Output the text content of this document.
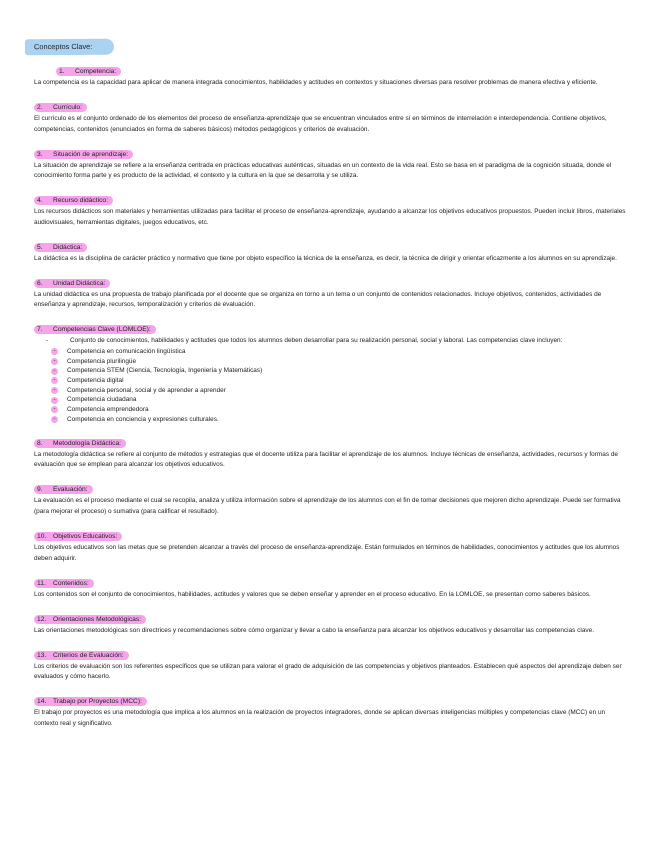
Conceptos Clave:
1. Competencia:

La competencia es la capacidad para aplicar de manera integrada conocimientos, habilidades y actitudes en contextos y situaciones diversas para resolver problemas de manera efectiva y eficiente.

2. Currículo:

El currículo es el conjunto ordenado de los elementos del proceso de enseñanza-aprendizaje que se encuentran vinculados entre sí en términos de interrelación e interdependencia. Contiene objetivos, competencias, contenidos (enunciados en forma de saberes básicos) métodos pedagógicos y criterios de evaluación.

3. Situación de aprendizaje:

La situación de aprendizaje se refiere a la enseñanza centrada en prácticas educativas auténticas, situadas en un contexto de la vida real. Esto se basa en el paradigma de la cognición situada, donde el conocimiento forma parte y es producto de la actividad, el contexto y la cultura en la que se desarrolla y se utiliza.

4. Recurso didáctico:

Los recursos didácticos son materiales y herramientas utilizadas para facilitar el proceso de enseñanza-aprendizaje, ayudando a alcanzar los objetivos educativos propuestos. Pueden incluir libros, materiales audiovisuales, herramientas digitales, juegos educativos, etc.

5. Didáctica:

La didáctica es la disciplina de carácter práctico y normativo que tiene por objeto específico la técnica de la enseñanza, es decir, la técnica de dirigir y orientar eficazmente a los alumnos en su aprendizaje.

6. Unidad Didáctica:

La unidad didáctica es una propuesta de trabajo planificada por el docente que se organiza en torno a un tema o un conjunto de contenidos relacionados. Incluye objetivos, contenidos, actividades de enseñanza y aprendizaje, recursos, temporalización y criterios de evaluación.

7. Competencias Clave (LOMLOE):

-	Conjunto de conocimientos, habilidades y actitudes que todos los alumnos deben desarrollar para su realización personal, social y laboral. Las competencias clave incluyen:

-	Competencia en comunicación lingüística
-	Competencia plurilingüe
-	Competencia STEM (Ciencia, Tecnología, Ingeniería y Matemáticas)
-	Competencia digital
-	Competencia personal, social y de aprender a aprender
-	Competencia ciudadana
-	Competencia emprendedora
-	Competencia en conciencia y expresiones culturales.
8. Metodología Didáctica:

La metodología didáctica se refiere al conjunto de métodos y estrategias que el docente utiliza para facilitar el aprendizaje de los alumnos. Incluye técnicas de enseñanza, actividades, recursos y formas de evaluación que se emplean para alcanzar los objetivos educativos.

9. Evaluación:

La evaluación es el proceso mediante el cual se recopila, analiza y utiliza información sobre el aprendizaje de los alumnos con el fin de tomar decisiones que mejoren dicho aprendizaje. Puede ser formativa (para mejorar el proceso) o sumativa (para calificar el resultado).

10. Objetivos Educativos:

Los objetivos educativos son las metas que se pretenden alcanzar a través del proceso de enseñanza-aprendizaje. Están formulados en términos de habilidades, conocimientos y actitudes que los alumnos deben adquirir.

11. Contenidos:

Los contenidos son el conjunto de conocimientos, habilidades, actitudes y valores que se deben enseñar y aprender en el proceso educativo. En la LOMLOE, se presentan como saberes básicos.

12. Orientaciones Metodológicas:

Las orientaciones metodológicas son directrices y recomendaciones sobre cómo organizar y llevar a cabo la enseñanza para alcanzar los objetivos educativos y desarrollar las competencias clave.

13. Criterios de Evaluación:

Los criterios de evaluación son los referentes específicos que se utilizan para valorar el grado de adquisición de las competencias y objetivos planteados. Establecen qué aspectos del aprendizaje deben ser evaluados y cómo hacerlo.

14. Trabajo por Proyectos (MCC):

El trabajo por proyectos es una metodología que implica a los alumnos en la realización de proyectos integradores, donde se aplican diversas inteligencias múltiples y competencias clave (MCC) en un contexto real y significativo.
